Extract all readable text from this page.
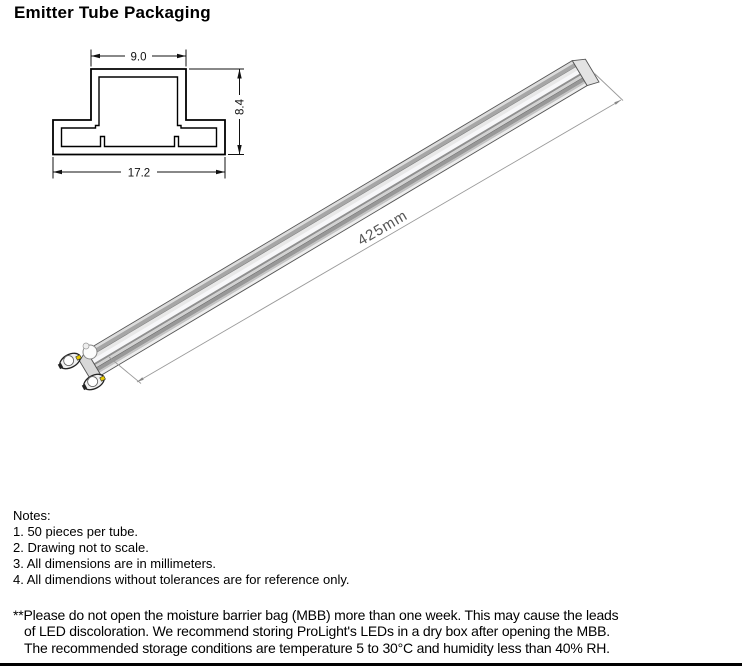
Emitter Tube Packaging
9.0
8.4
17.2
425mm
Notes:
1. 50 pieces per tube.
2. Drawing not to scale.
3. All dimensions are in millimeters.
4. All dimendions without tolerances are for reference only.
**Please do not open the moisture barrier bag (MBB) more than one week. This may cause the leads
of LED discoloration. We recommend storing ProLight's LEDs in a dry box after opening the MBB.
The recommended storage conditions are temperature 5 to 30°C and humidity less than 40% RH.
